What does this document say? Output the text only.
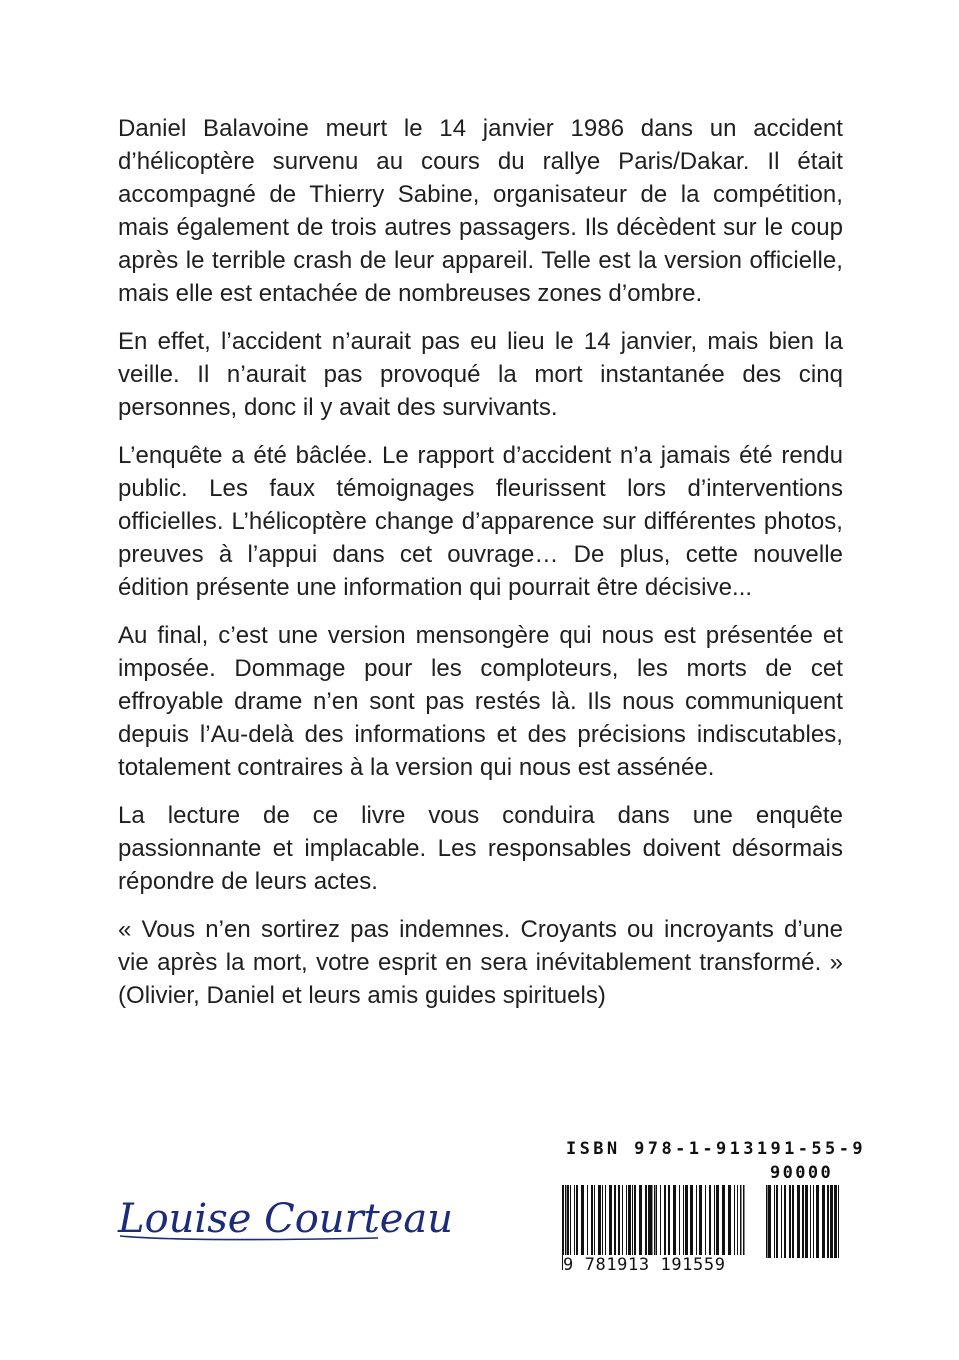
Daniel Balavoine meurt le 14 janvier 1986 dans un accident d’hélicoptère survenu au cours du rallye Paris/Dakar. Il était accompagné de Thierry Sabine, organisateur de la compétition, mais également de trois autres passagers. Ils décèdent sur le coup après le terrible crash de leur appareil. Telle est la version officielle, mais elle est entachée de nombreuses zones d’ombre.

En effet, l’accident n’aurait pas eu lieu le 14 janvier, mais bien la veille. Il n’aurait pas provoqué la mort instantanée des cinq personnes, donc il y avait des survivants.

L’enquête a été bâclée. Le rapport d’accident n’a jamais été rendu public. Les faux témoignages fleurissent lors d’interventions officielles. L’hélicoptère change d’apparence sur différentes photos, preuves à l’appui dans cet ouvrage… De plus, cette nouvelle édition présente une information qui pourrait être décisive...

Au final, c’est une version mensongère qui nous est présentée et imposée. Dommage pour les comploteurs, les morts de cet effroyable drame n’en sont pas restés là. Ils nous communiquent depuis l’Au-delà des informations et des précisions indiscutables, totalement contraires à la version qui nous est assénée.

La lecture de ce livre vous conduira dans une enquête passionnante et implacable. Les responsables doivent désormais répondre de leurs actes.

« Vous n’en sortirez pas indemnes. Croyants ou incroyants d’une vie après la mort, votre esprit en sera inévitablement transformé. » (Olivier, Daniel et leurs amis guides spirituels)

Louise Courteau
ISBN 978-1-913191-55-9
90000
9 781913 191559
